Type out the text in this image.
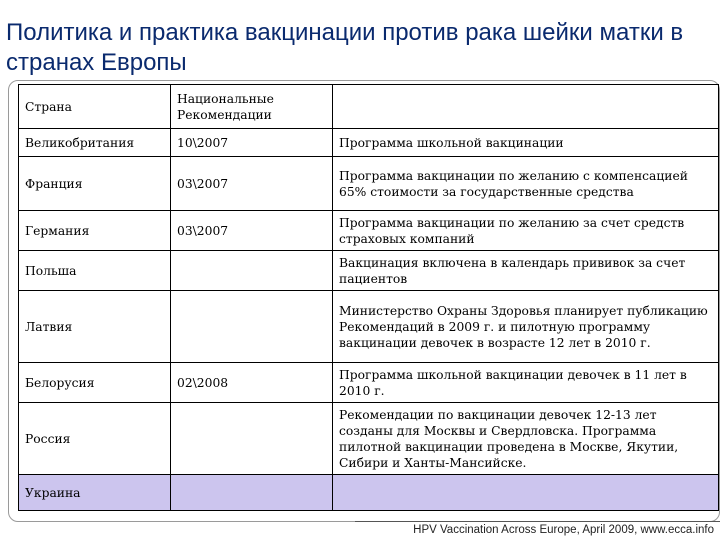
Политика и практика вакцинации против рака шейки матки в странах Европы
Страна	Национальные Рекомендации	
Великобритания	10\2007	Программа школьной вакцинации
Франция	03\2007	Программа вакцинации по желанию с компенсацией 65% стоимости за государственные средства
Германия	03\2007	Программа вакцинации по желанию за счет средств страховых компаний
Польша		Вакцинация включена в календарь прививок за счет пациентов
Латвия		Министерство Охраны Здоровья планирует публикацию Рекомендаций в 2009 г. и пилотную программу вакцинации девочек в возрасте 12 лет в 2010 г.
Белорусия	02\2008	Программа школьной вакцинации девочек в 11 лет в 2010 г.
Россия		Рекомендации по вакцинации девочек 12-13 лет созданы для Москвы и Свердловска. Программа пилотной вакцинации проведена в Москве, Якутии, Сибири и Ханты-Мансийске.
Украина		
HPV Vaccination Across Europe, April 2009, www.ecca.info
